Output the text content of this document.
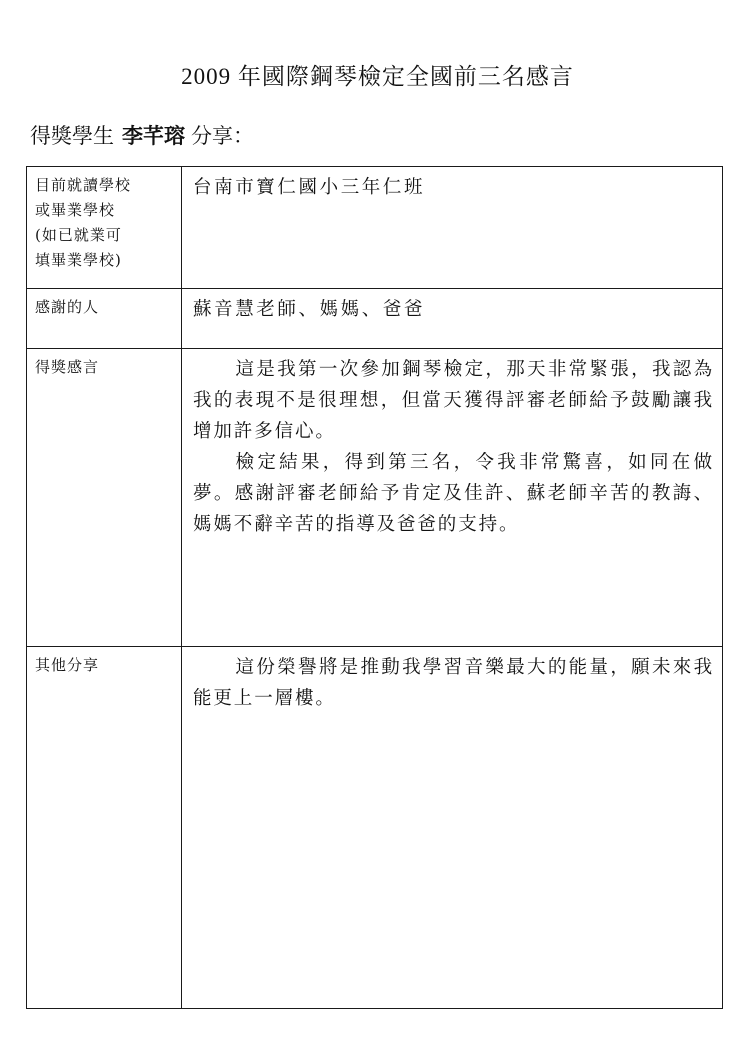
2009 年國際鋼琴檢定全國前三名感言
得獎學生 李芊瑢 分享：
目前就讀學校
或畢業學校
(如已就業可
填畢業學校)	台南市寶仁國小三年仁班

感謝的人	蘇音慧老師、媽媽、爸爸

得獎感言	這是我第一次參加鋼琴檢定，那天非常緊張，我認為我的表現不是很理想，但當天獲得評審老師給予鼓勵讓我增加許多信心。

檢定結果，得到第三名，令我非常驚喜，如同在做夢。感謝評審老師給予肯定及佳許、蘇老師辛苦的教誨、媽媽不辭辛苦的指導及爸爸的支持。

其他分享	這份榮譽將是推動我學習音樂最大的能量，願未來我能更上一層樓。
